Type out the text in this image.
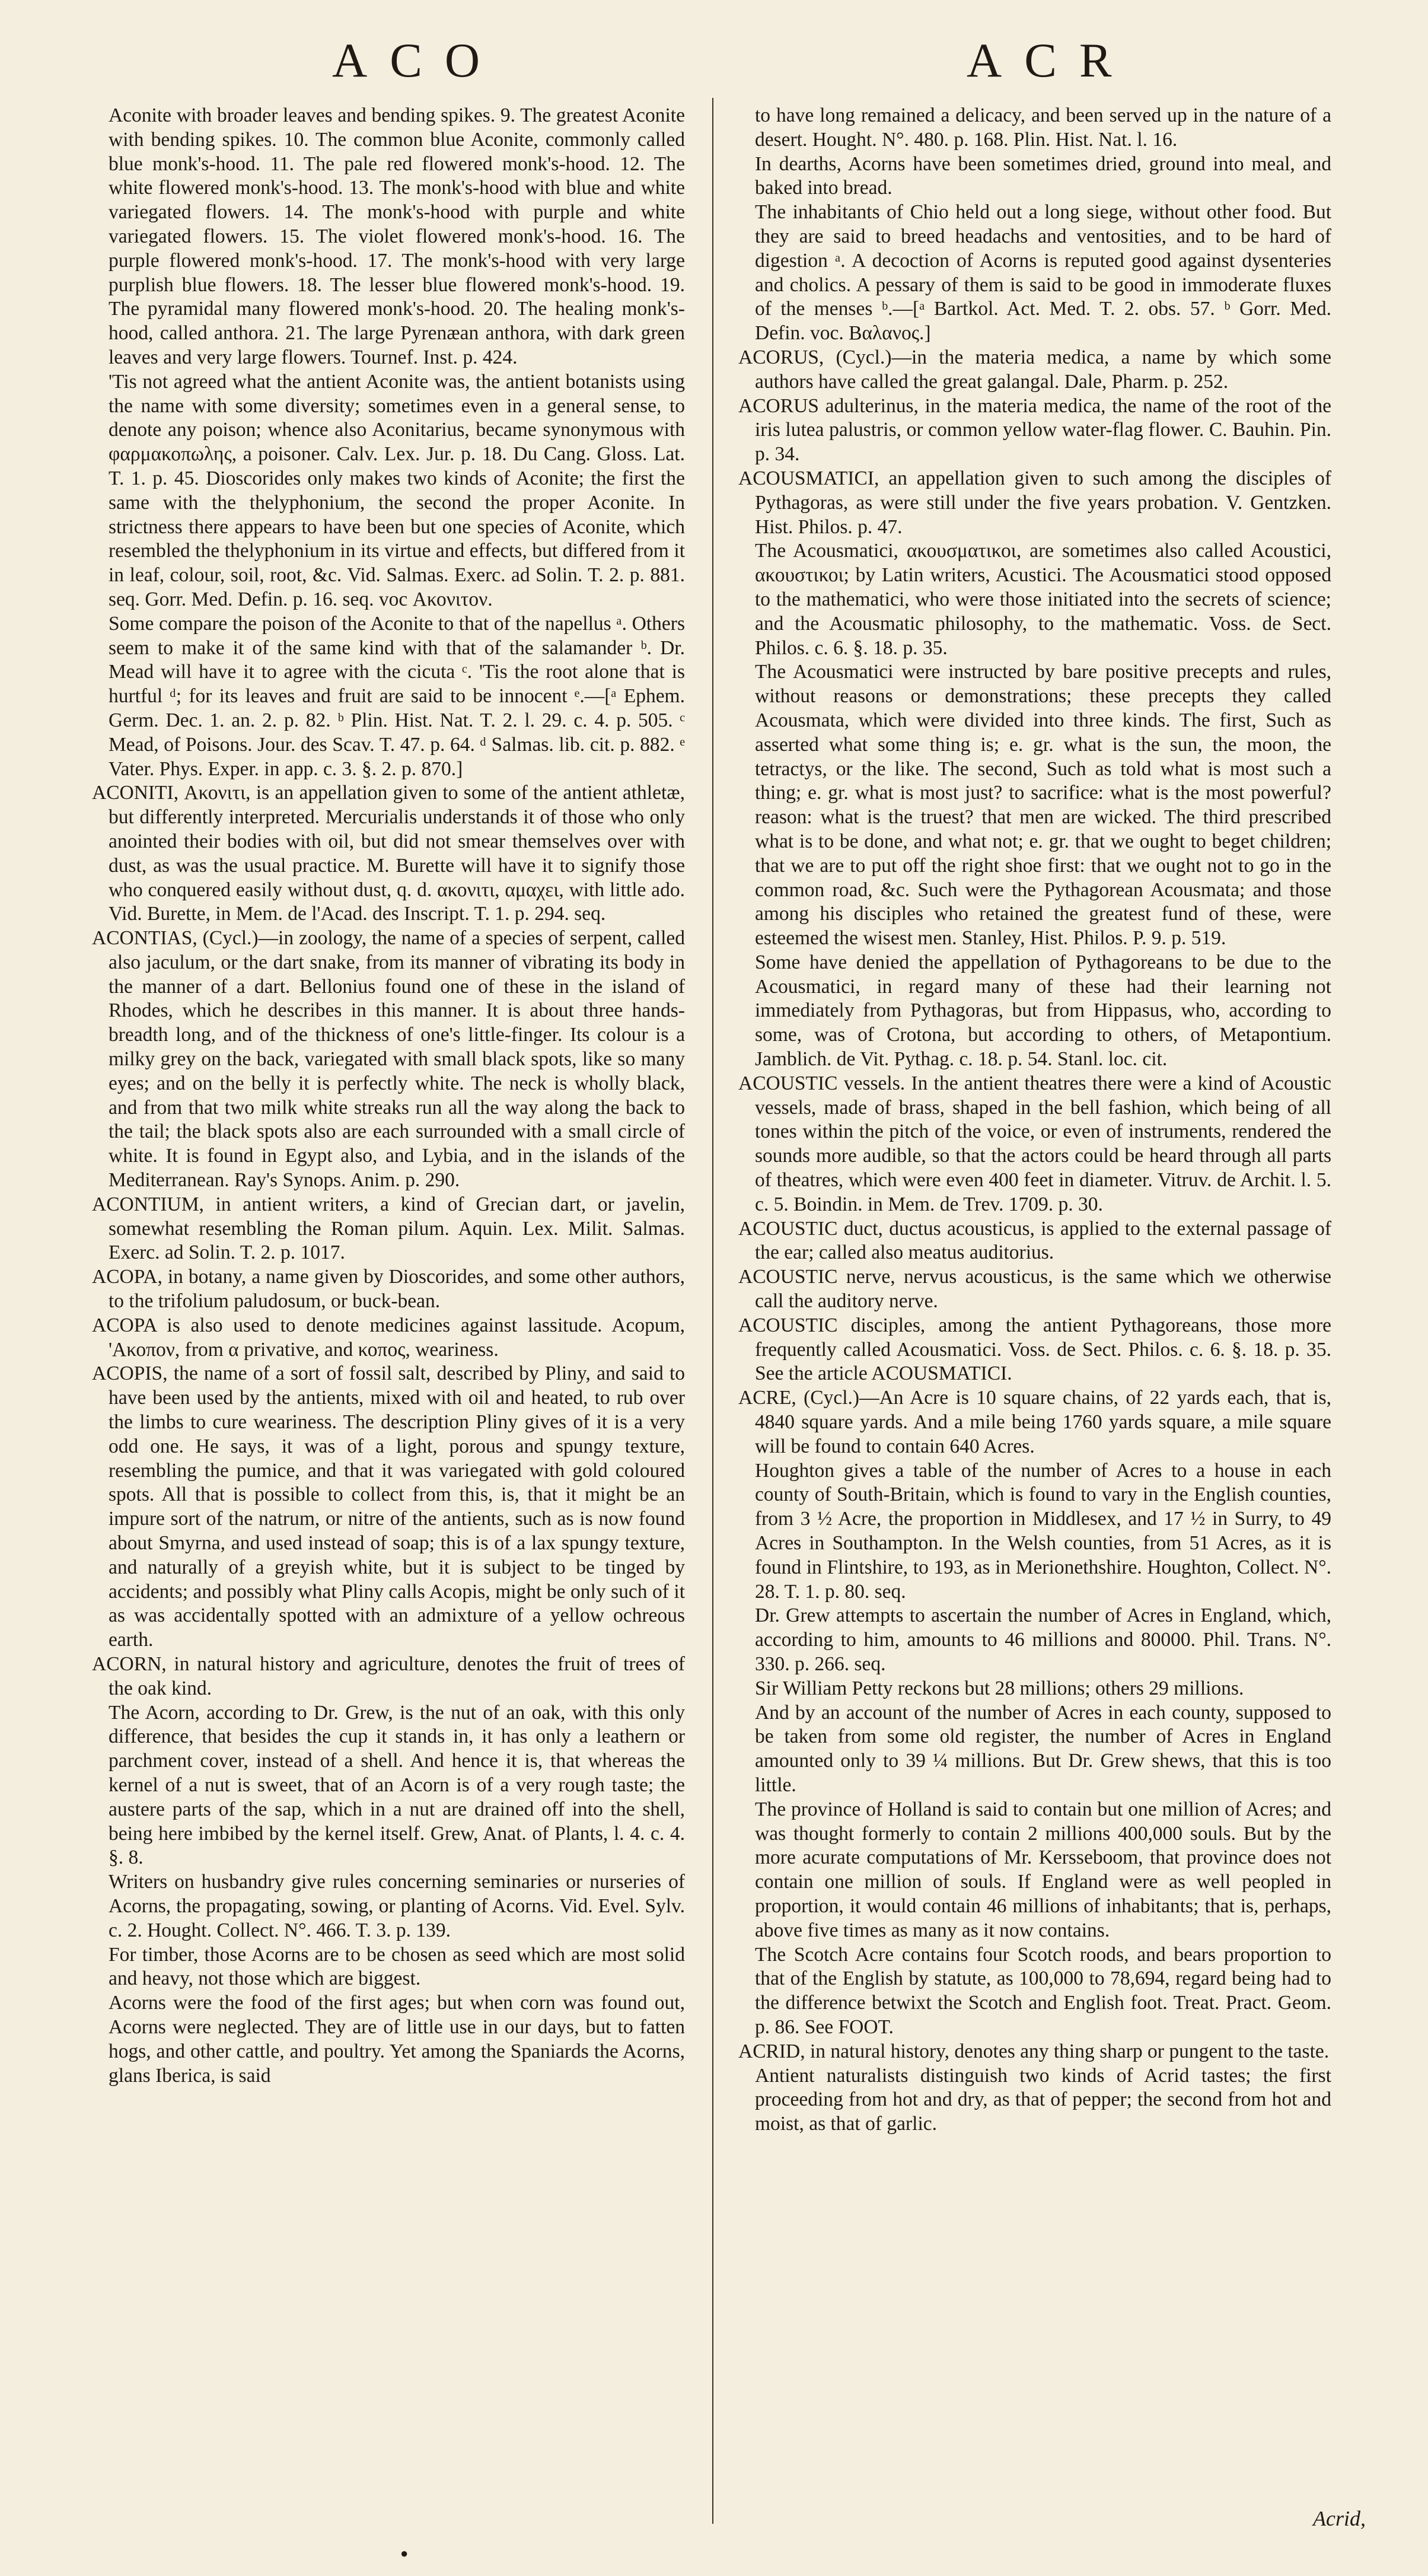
ACO	ACR

Aconite with broader leaves and bending spikes. 9. The greatest Aconite with bending spikes. 10. The common blue Aconite, commonly called blue monk's-hood. 11. The pale red flowered monk's-hood. 12. The white flowered monk's-hood. 13. The monk's-hood with blue and white variegated flowers. 14. The monk's-hood with purple and white variegated flowers. 15. The violet flowered monk's-hood. 16. The purple flowered monk's-hood. 17. The monk's-hood with very large purplish blue flowers. 18. The lesser blue flowered monk's-hood. 19. The pyramidal many flowered monk's-hood. 20. The healing monk's-hood, called anthora. 21. The large Pyrenæan anthora, with dark green leaves and very large flowers. Tournef. Inst. p. 424.

'Tis not agreed what the antient Aconite was, the antient botanists using the name with some diversity; sometimes even in a general sense, to denote any poison; whence also Aconitarius, became synonymous with φαρμακοπωλης, a poisoner. Calv. Lex. Jur. p. 18. Du Cang. Gloss. Lat. T. 1. p. 45. Dioscorides only makes two kinds of Aconite; the first the same with the thelyphonium, the second the proper Aconite. In strictness there appears to have been but one species of Aconite, which resembled the thelyphonium in its virtue and effects, but differed from it in leaf, colour, soil, root, &c. Vid. Salmas. Exerc. ad Solin. T. 2. p. 881. seq. Gorr. Med. Defin. p. 16. seq. voc Ακονιτον.

Some compare the poison of the Aconite to that of the napellus ᵃ. Others seem to make it of the same kind with that of the salamander ᵇ. Dr. Mead will have it to agree with the cicuta ᶜ. 'Tis the root alone that is hurtful ᵈ; for its leaves and fruit are said to be innocent ᵉ.—[ᵃ Ephem. Germ. Dec. 1. an. 2. p. 82. ᵇ Plin. Hist. Nat. T. 2. l. 29. c. 4. p. 505. ᶜ Mead, of Poisons. Jour. des Scav. T. 47. p. 64. ᵈ Salmas. lib. cit. p. 882. ᵉ Vater. Phys. Exper. in app. c. 3. §. 2. p. 870.]

ACONITI, Ακονιτι, is an appellation given to some of the antient athletæ, but differently interpreted. Mercurialis understands it of those who only anointed their bodies with oil, but did not smear themselves over with dust, as was the usual practice. M. Burette will have it to signify those who conquered easily without dust, q. d. ακονιτι, αμαχει, with little ado. Vid. Burette, in Mem. de l'Acad. des Inscript. T. 1. p. 294. seq.

ACONTIAS, (Cycl.)—in zoology, the name of a species of serpent, called also jaculum, or the dart snake, from its manner of vibrating its body in the manner of a dart. Bellonius found one of these in the island of Rhodes, which he describes in this manner. It is about three hands-breadth long, and of the thickness of one's little-finger. Its colour is a milky grey on the back, variegated with small black spots, like so many eyes; and on the belly it is perfectly white. The neck is wholly black, and from that two milk white streaks run all the way along the back to the tail; the black spots also are each surrounded with a small circle of white. It is found in Egypt also, and Lybia, and in the islands of the Mediterranean. Ray's Synops. Anim. p. 290.

ACONTIUM, in antient writers, a kind of Grecian dart, or javelin, somewhat resembling the Roman pilum. Aquin. Lex. Milit. Salmas. Exerc. ad Solin. T. 2. p. 1017.

ACOPA, in botany, a name given by Dioscorides, and some other authors, to the trifolium paludosum, or buck-bean.

ACOPA is also used to denote medicines against lassitude. Acopum, 'Ακοπον, from α privative, and κοπος, weariness.

ACOPIS, the name of a sort of fossil salt, described by Pliny, and said to have been used by the antients, mixed with oil and heated, to rub over the limbs to cure weariness. The description Pliny gives of it is a very odd one. He says, it was of a light, porous and spungy texture, resembling the pumice, and that it was variegated with gold coloured spots. All that is possible to collect from this, is, that it might be an impure sort of the natrum, or nitre of the antients, such as is now found about Smyrna, and used instead of soap; this is of a lax spungy texture, and naturally of a greyish white, but it is subject to be tinged by accidents; and possibly what Pliny calls Acopis, might be only such of it as was accidentally spotted with an admixture of a yellow ochreous earth.

ACORN, in natural history and agriculture, denotes the fruit of trees of the oak kind.

The Acorn, according to Dr. Grew, is the nut of an oak, with this only difference, that besides the cup it stands in, it has only a leathern or parchment cover, instead of a shell. And hence it is, that whereas the kernel of a nut is sweet, that of an Acorn is of a very rough taste; the austere parts of the sap, which in a nut are drained off into the shell, being here imbibed by the kernel itself. Grew, Anat. of Plants, l. 4. c. 4. §. 8.

Writers on husbandry give rules concerning seminaries or nurseries of Acorns, the propagating, sowing, or planting of Acorns. Vid. Evel. Sylv. c. 2. Hought. Collect. N°. 466. T. 3. p. 139.

For timber, those Acorns are to be chosen as seed which are most solid and heavy, not those which are biggest.

Acorns were the food of the first ages; but when corn was found out, Acorns were neglected. They are of little use in our days, but to fatten hogs, and other cattle, and poultry. Yet among the Spaniards the Acorns, glans Iberica, is said

to have long remained a delicacy, and been served up in the nature of a desert. Hought. N°. 480. p. 168. Plin. Hist. Nat. l. 16.

In dearths, Acorns have been sometimes dried, ground into meal, and baked into bread.

The inhabitants of Chio held out a long siege, without other food. But they are said to breed headachs and ventosities, and to be hard of digestion ᵃ. A decoction of Acorns is reputed good against dysenteries and cholics. A pessary of them is said to be good in immoderate fluxes of the menses ᵇ.—[ᵃ Bartkol. Act. Med. T. 2. obs. 57. ᵇ Gorr. Med. Defin. voc. Βαλανος.]

ACORUS, (Cycl.)—in the materia medica, a name by which some authors have called the great galangal. Dale, Pharm. p. 252.

ACORUS adulterinus, in the materia medica, the name of the root of the iris lutea palustris, or common yellow water-flag flower. C. Bauhin. Pin. p. 34.

ACOUSMATICI, an appellation given to such among the disciples of Pythagoras, as were still under the five years probation. V. Gentzken. Hist. Philos. p. 47.

The Acousmatici, ακουσματικοι, are sometimes also called Acoustici, ακουστικοι; by Latin writers, Acustici. The Acousmatici stood opposed to the mathematici, who were those initiated into the secrets of science; and the Acousmatic philosophy, to the mathematic. Voss. de Sect. Philos. c. 6. §. 18. p. 35.

The Acousmatici were instructed by bare positive precepts and rules, without reasons or demonstrations; these precepts they called Acousmata, which were divided into three kinds. The first, Such as asserted what some thing is; e. gr. what is the sun, the moon, the tetractys, or the like. The second, Such as told what is most such a thing; e. gr. what is most just? to sacrifice: what is the most powerful? reason: what is the truest? that men are wicked. The third prescribed what is to be done, and what not; e. gr. that we ought to beget children; that we are to put off the right shoe first: that we ought not to go in the common road, &c. Such were the Pythagorean Acousmata; and those among his disciples who retained the greatest fund of these, were esteemed the wisest men. Stanley, Hist. Philos. P. 9. p. 519.

Some have denied the appellation of Pythagoreans to be due to the Acousmatici, in regard many of these had their learning not immediately from Pythagoras, but from Hippasus, who, according to some, was of Crotona, but according to others, of Metapontium. Jamblich. de Vit. Pythag. c. 18. p. 54. Stanl. loc. cit.

ACOUSTIC vessels. In the antient theatres there were a kind of Acoustic vessels, made of brass, shaped in the bell fashion, which being of all tones within the pitch of the voice, or even of instruments, rendered the sounds more audible, so that the actors could be heard through all parts of theatres, which were even 400 feet in diameter. Vitruv. de Archit. l. 5. c. 5. Boindin. in Mem. de Trev. 1709. p. 30.

ACOUSTIC duct, ductus acousticus, is applied to the external passage of the ear; called also meatus auditorius.

ACOUSTIC nerve, nervus acousticus, is the same which we otherwise call the auditory nerve.

ACOUSTIC disciples, among the antient Pythagoreans, those more frequently called Acousmatici. Voss. de Sect. Philos. c. 6. §. 18. p. 35. See the article ACOUSMATICI.

ACRE, (Cycl.)—An Acre is 10 square chains, of 22 yards each, that is, 4840 square yards. And a mile being 1760 yards square, a mile square will be found to contain 640 Acres.

Houghton gives a table of the number of Acres to a house in each county of South-Britain, which is found to vary in the English counties, from 3 ½ Acre, the proportion in Middlesex, and 17 ½ in Surry, to 49 Acres in Southampton. In the Welsh counties, from 51 Acres, as it is found in Flintshire, to 193, as in Merionethshire. Houghton, Collect. N°. 28. T. 1. p. 80. seq.

Dr. Grew attempts to ascertain the number of Acres in England, which, according to him, amounts to 46 millions and 80000. Phil. Trans. N°. 330. p. 266. seq.

Sir William Petty reckons but 28 millions; others 29 millions.

And by an account of the number of Acres in each county, supposed to be taken from some old register, the number of Acres in England amounted only to 39 ¼ millions. But Dr. Grew shews, that this is too little.

The province of Holland is said to contain but one million of Acres; and was thought formerly to contain 2 millions 400,000 souls. But by the more acurate computations of Mr. Kersseboom, that province does not contain one million of souls. If England were as well peopled in proportion, it would contain 46 millions of inhabitants; that is, perhaps, above five times as many as it now contains.

The Scotch Acre contains four Scotch roods, and bears proportion to that of the English by statute, as 100,000 to 78,694, regard being had to the difference betwixt the Scotch and English foot. Treat. Pract. Geom. p. 86. See FOOT.

ACRID, in natural history, denotes any thing sharp or pungent to the taste.

Antient naturalists distinguish two kinds of Acrid tastes; the first proceeding from hot and dry, as that of pepper; the second from hot and moist, as that of garlic.

Acrid,
●
